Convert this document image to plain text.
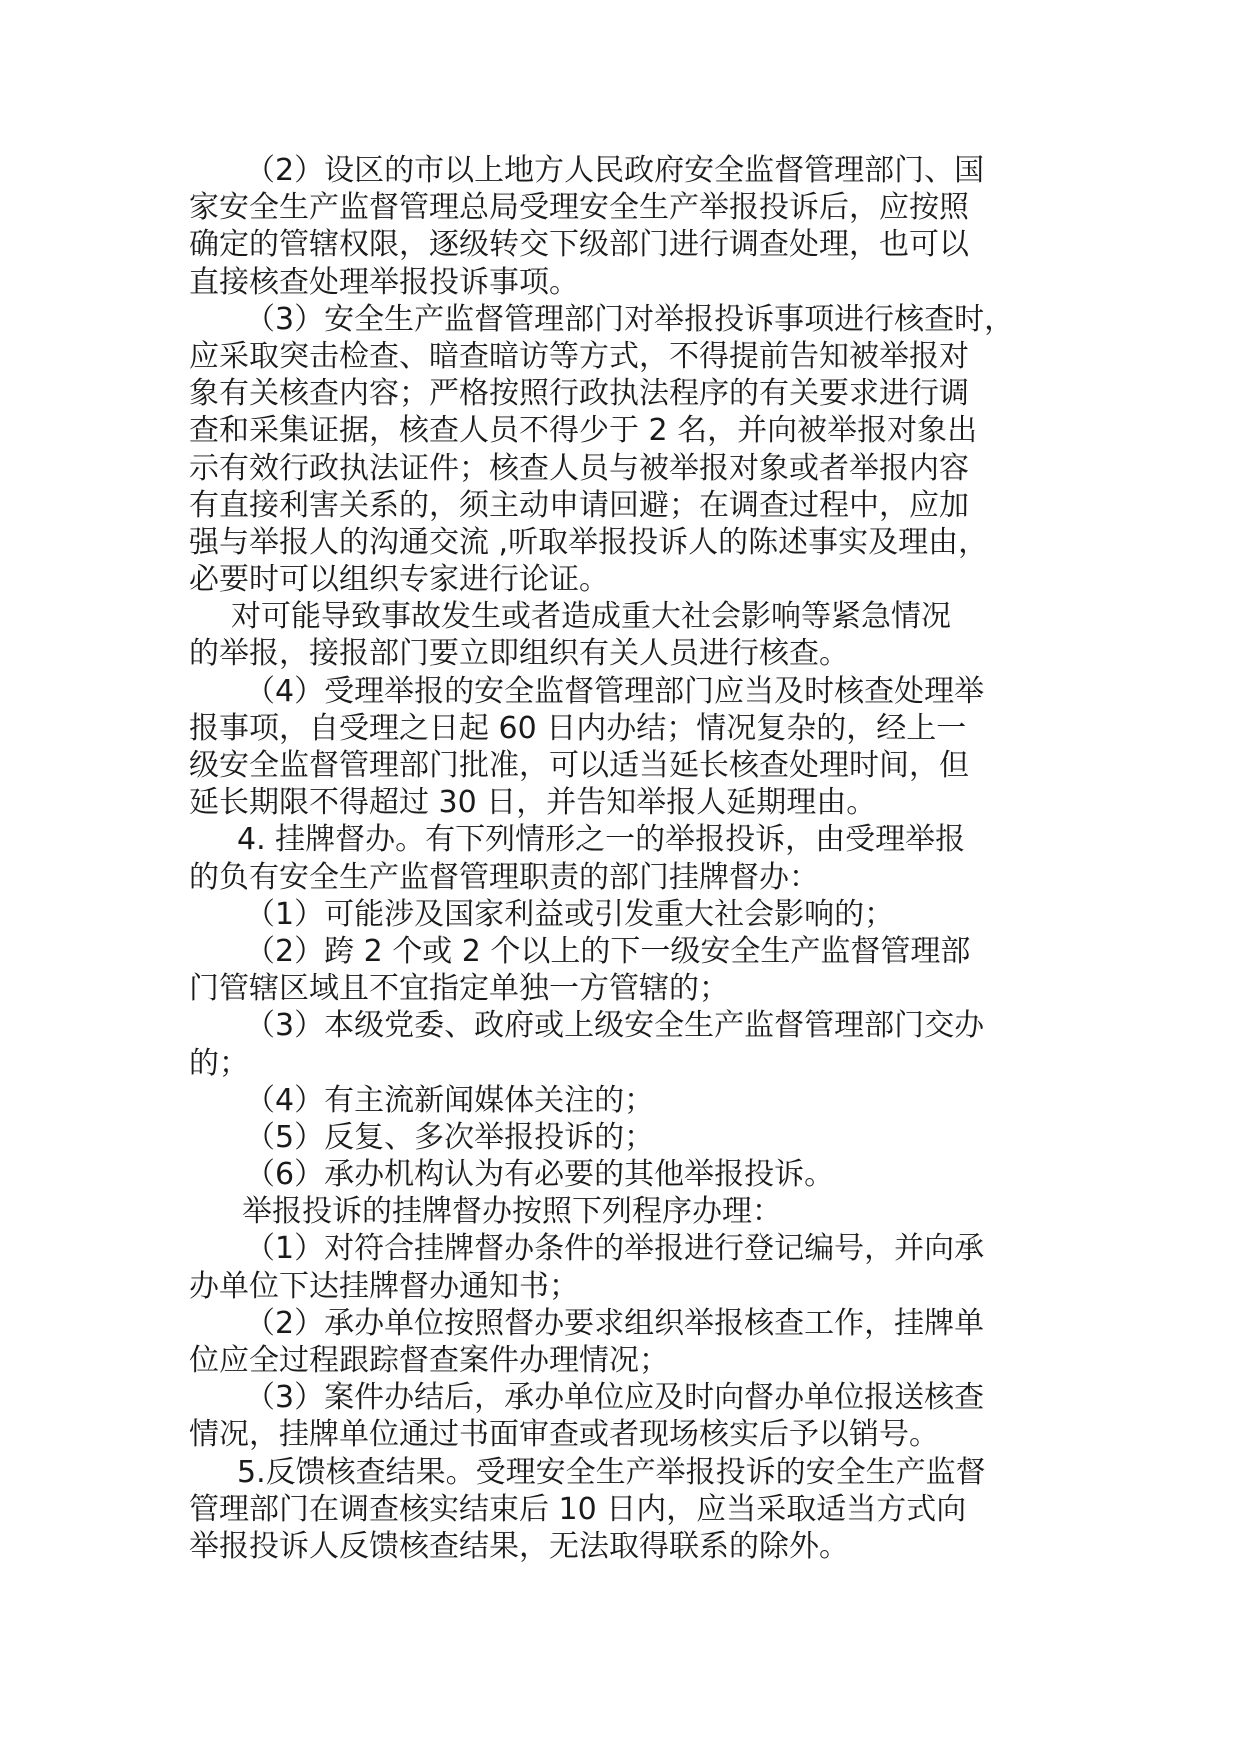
（2）设区的市以上地方人民政府安全监督管理部门、国
家安全生产监督管理总局受理安全生产举报投诉后，应按照
确定的管辖权限，逐级转交下级部门进行调查处理，也可以
直接核查处理举报投诉事项。
（3）安全生产监督管理部门对举报投诉事项进行核查时，
应采取突击检查、暗查暗访等方式，不得提前告知被举报对
象有关核查内容；严格按照行政执法程序的有关要求进行调
查和采集证据，核查人员不得少于 2 名，并向被举报对象出
示有效行政执法证件；核查人员与被举报对象或者举报内容
有直接利害关系的，须主动申请回避；在调查过程中，应加
强与举报人的沟通交流 ,听取举报投诉人的陈述事实及理由，
必要时可以组织专家进行论证。
对可能导致事故发生或者造成重大社会影响等紧急情况
的举报，接报部门要立即组织有关人员进行核查。
（4）受理举报的安全监督管理部门应当及时核查处理举
报事项，自受理之日起 60 日内办结；情况复杂的，经上一
级安全监督管理部门批准，可以适当延长核查处理时间，但
延长期限不得超过 30 日，并告知举报人延期理由。
4. 挂牌督办。有下列情形之一的举报投诉，由受理举报
的负有安全生产监督管理职责的部门挂牌督办：
（1）可能涉及国家利益或引发重大社会影响的；
（2）跨 2 个或 2 个以上的下一级安全生产监督管理部
门管辖区域且不宜指定单独一方管辖的；
（3）本级党委、政府或上级安全生产监督管理部门交办
的；
（4）有主流新闻媒体关注的；
（5）反复、多次举报投诉的；
（6）承办机构认为有必要的其他举报投诉。
举报投诉的挂牌督办按照下列程序办理：
（1）对符合挂牌督办条件的举报进行登记编号，并向承
办单位下达挂牌督办通知书；
（2）承办单位按照督办要求组织举报核查工作，挂牌单
位应全过程跟踪督查案件办理情况；
（3）案件办结后，承办单位应及时向督办单位报送核查
情况，挂牌单位通过书面审查或者现场核实后予以销号。
5.反馈核查结果。受理安全生产举报投诉的安全生产监督
管理部门在调查核实结束后 10 日内，应当采取适当方式向
举报投诉人反馈核查结果，无法取得联系的除外。
